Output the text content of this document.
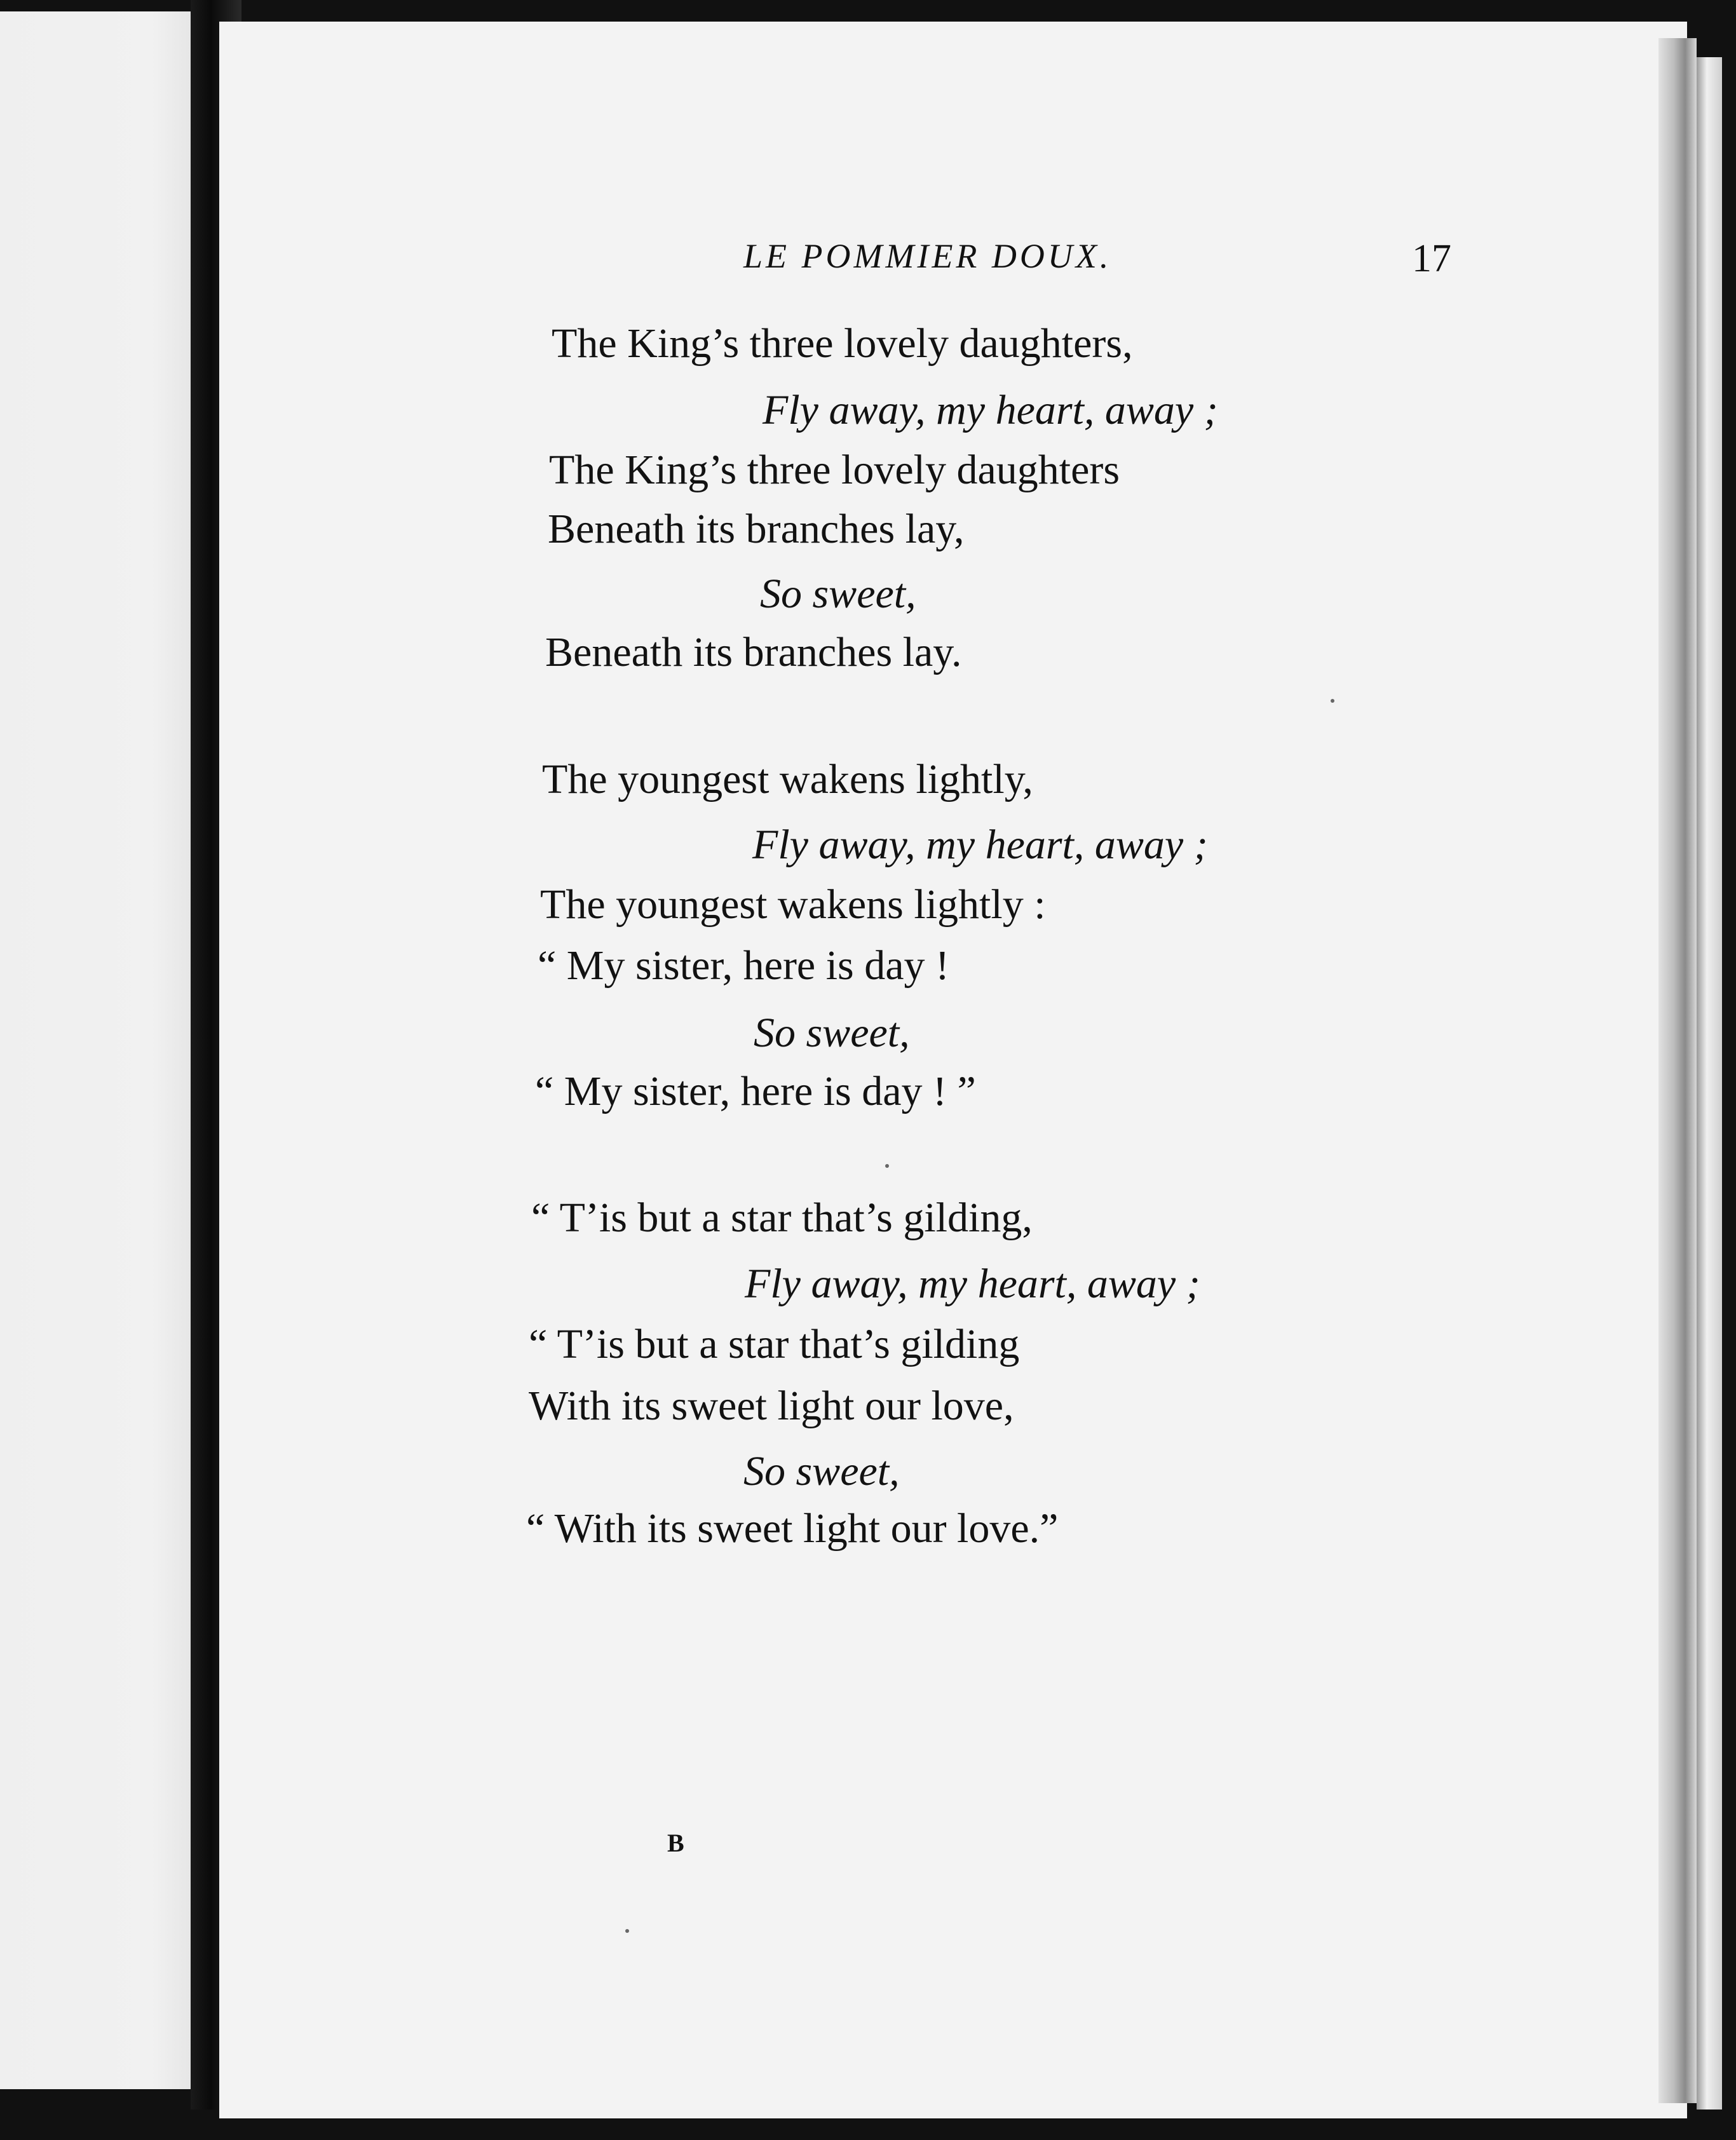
LE POMMIER DOUX.	17
The King’s three lovely daughters,
Fly away, my heart, away ;
The King’s three lovely daughters
Beneath its branches lay,
So sweet,
Beneath its branches lay.
The youngest wakens lightly,
Fly away, my heart, away ;
The youngest wakens lightly :
“ My sister, here is day !
So sweet,
“ My sister, here is day ! ”
“ T’is but a star that’s gilding,
Fly away, my heart, away ;
“ T’is but a star that’s gilding
With its sweet light our love,
So sweet,
“ With its sweet light our love.”
B
